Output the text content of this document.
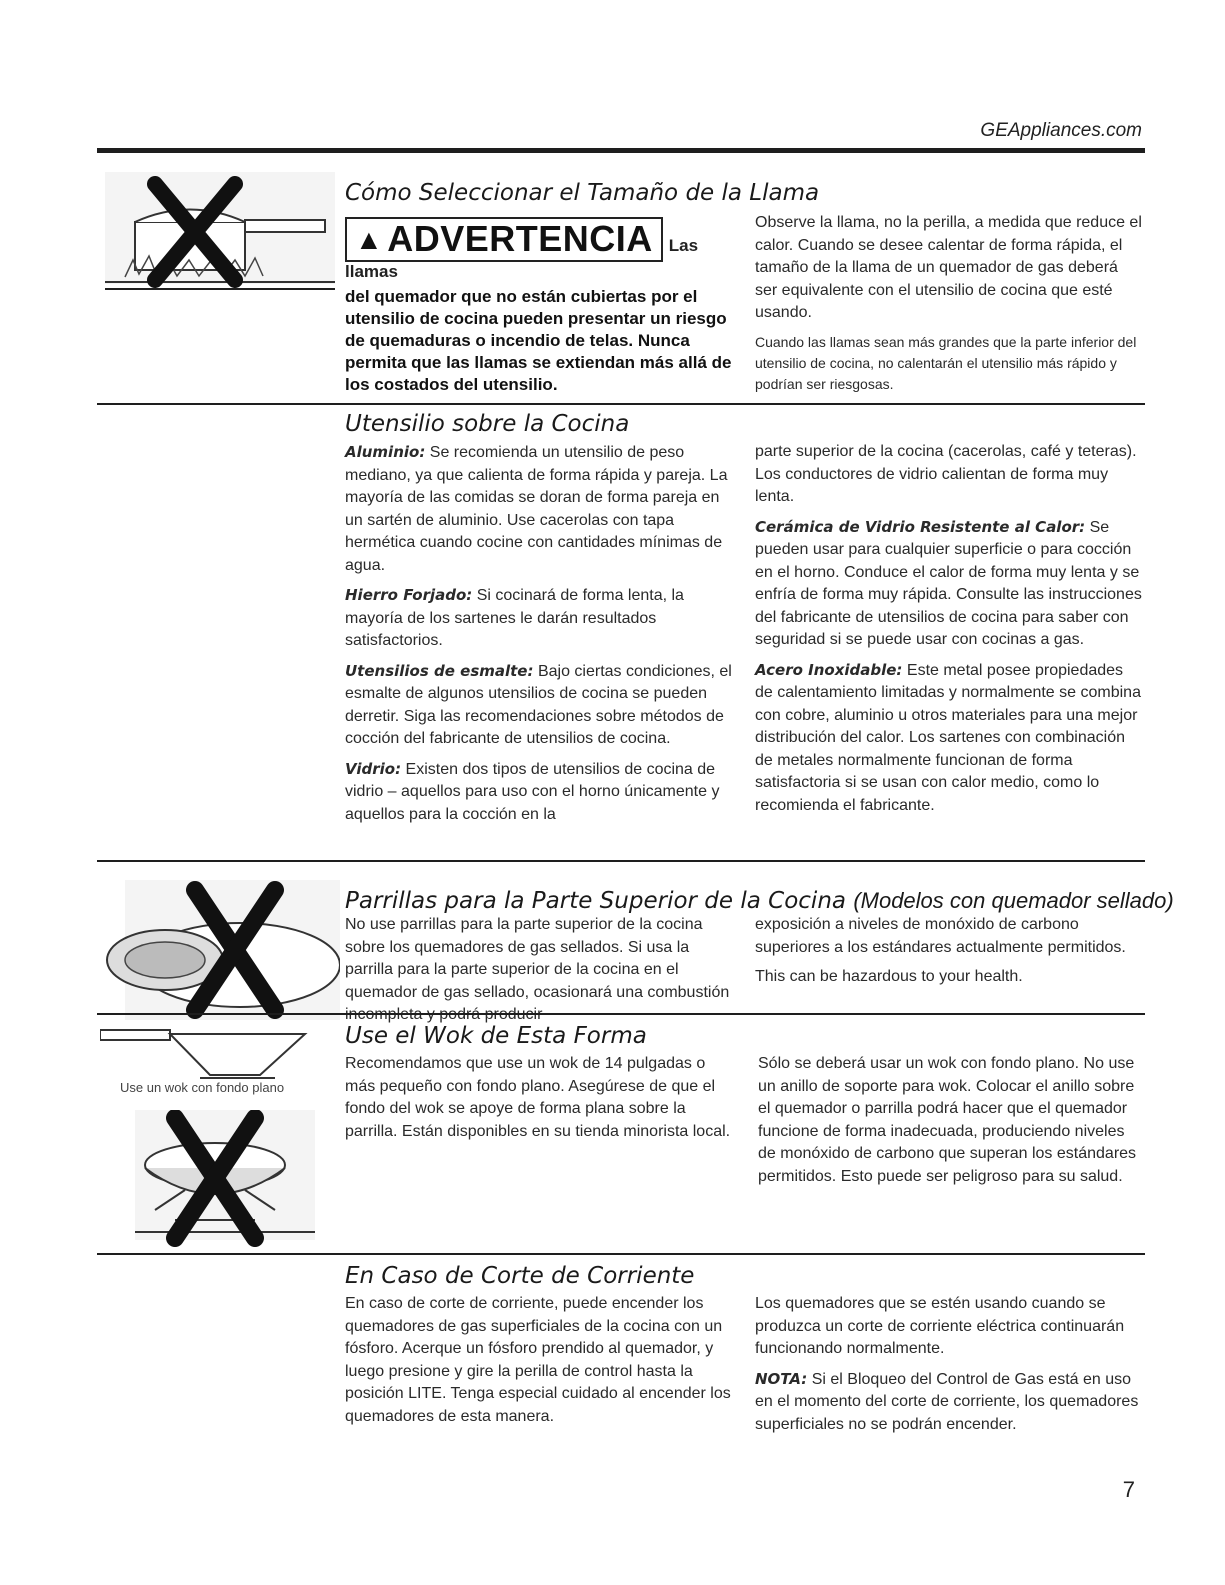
GEAppliances.com
Cómo Seleccionar el Tamaño de la Llama
▲ ADVERTENCIA Las llamas
del quemador que no están cubiertas por el utensilio de cocina pueden presentar un riesgo de quemaduras o incendio de telas. Nunca permita que las llamas se extiendan más allá de los costados del utensilio.

Observe la llama, no la perilla, a medida que reduce el calor. Cuando se desee calentar de forma rápida, el tamaño de la llama de un quemador de gas deberá ser equivalente con el utensilio de cocina que esté usando.

Cuando las llamas sean más grandes que la parte inferior del utensilio de cocina, no calentarán el utensilio más rápido y podrían ser riesgosas.

Utensilio sobre la Cocina

Aluminio: Se recomienda un utensilio de peso mediano, ya que calienta de forma rápida y pareja. La mayoría de las comidas se doran de forma pareja en un sartén de aluminio. Use cacerolas con tapa hermética cuando cocine con cantidades mínimas de agua.

Hierro Forjado: Si cocinará de forma lenta, la mayoría de los sartenes le darán resultados satisfactorios.

Utensilios de esmalte: Bajo ciertas condiciones, el esmalte de algunos utensilios de cocina se pueden derretir. Siga las recomendaciones sobre métodos de cocción del fabricante de utensilios de cocina.

Vidrio: Existen dos tipos de utensilios de cocina de vidrio – aquellos para uso con el horno únicamente y aquellos para la cocción en la

parte superior de la cocina (cacerolas, café y teteras). Los conductores de vidrio calientan de forma muy lenta.

Cerámica de Vidrio Resistente al Calor: Se pueden usar para cualquier superficie o para cocción en el horno. Conduce el calor de forma muy lenta y se enfría de forma muy rápida. Consulte las instrucciones del fabricante de utensilios de cocina para saber con seguridad si se puede usar con cocinas a gas.

Acero Inoxidable: Este metal posee propiedades de calentamiento limitadas y normalmente se combina con cobre, aluminio u otros materiales para una mejor distribución del calor. Los sartenes con combinación de metales normalmente funcionan de forma satisfactoria si se usan con calor medio, como lo recomienda el fabricante.

Parrillas para la Parte Superior de la Cocina (Modelos con quemador sellado)

No use parrillas para la parte superior de la cocina sobre los quemadores de gas sellados. Si usa la parrilla para la parte superior de la cocina en el quemador de gas sellado, ocasionará una combustión

exposición a niveles de monóxido de carbono superiores a los estándares actualmente permitidos.

This can be hazardous to your health.

Use un wok con fondo plano
Use el Wok de Esta Forma

Recomendamos que use un wok de 14 pulgadas o más pequeño con fondo plano. Asegúrese de que el fondo del wok se apoye de forma plana sobre la parrilla. Están disponibles en su tienda minorista local.

Sólo se deberá usar un wok con fondo plano. No use un anillo de soporte para wok. Colocar el anillo sobre el quemador o parrilla podrá hacer que el quemador funcione de forma inadecuada, produciendo niveles de monóxido de carbono que superan los estándares permitidos. Esto puede ser peligroso para su salud.

En Caso de Corte de Corriente

En caso de corte de corriente, puede encender los quemadores de gas superficiales de la cocina con un fósforo. Acerque un fósforo prendido al quemador, y luego presione y gire la perilla de control hasta la posición LITE. Tenga especial cuidado al encender los quemadores de esta manera.

Los quemadores que se estén usando cuando se produzca un corte de corriente eléctrica continuarán funcionando normalmente.

NOTA: Si el Bloqueo del Control de Gas está en uso en el momento del corte de corriente, los quemadores superficiales no se podrán encender.

7
